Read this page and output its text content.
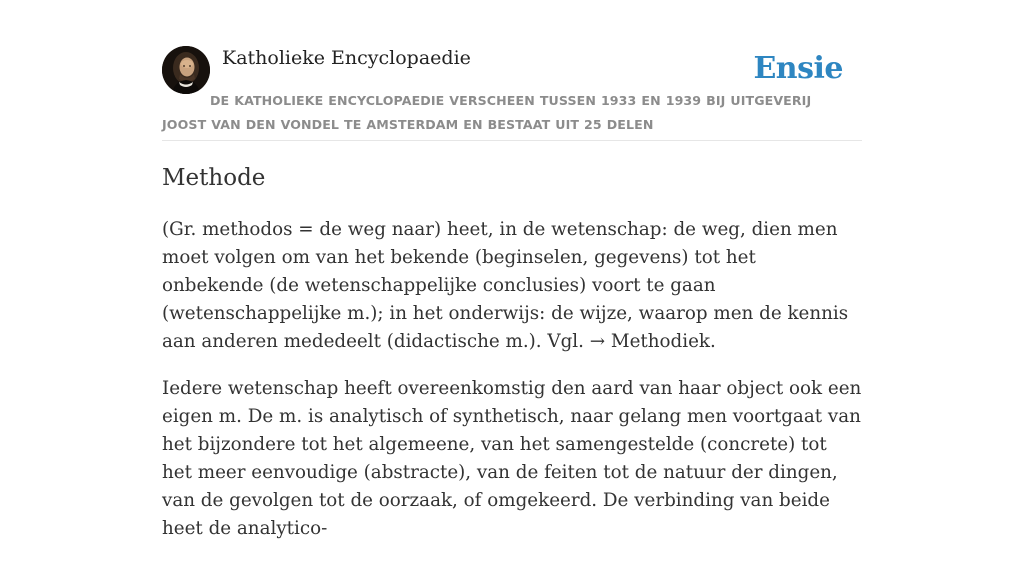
Katholieke Encyclopaedie	Ensie
DE KATHOLIEKE ENCYCLOPAEDIE VERSCHEEN TUSSEN 1933 EN 1939 BIJ UITGEVERIJ JOOST VAN DEN VONDEL TE AMSTERDAM EN BESTAAT UIT 25 DELEN
Methode

(Gr. methodos = de weg naar) heet, in de wetenschap: de weg, dien men moet volgen om van het bekende (beginselen, gegevens) tot het onbekende (de wetenschappelijke conclusies) voort te gaan (wetenschappelijke m.); in het onderwijs: de wijze, waarop men de kennis aan anderen mededeelt (didactische m.). Vgl. → Methodiek.

Iedere wetenschap heeft overeenkomstig den aard van haar object ook een eigen m. De m. is analytisch of synthetisch, naar gelang men voortgaat van het bijzondere tot het algemeene, van het samengestelde (concrete) tot het meer eenvoudige (abstracte), van de feiten tot de natuur der dingen, van de gevolgen tot de oorzaak, of omgekeerd. De verbinding van beide heet de analytico-
